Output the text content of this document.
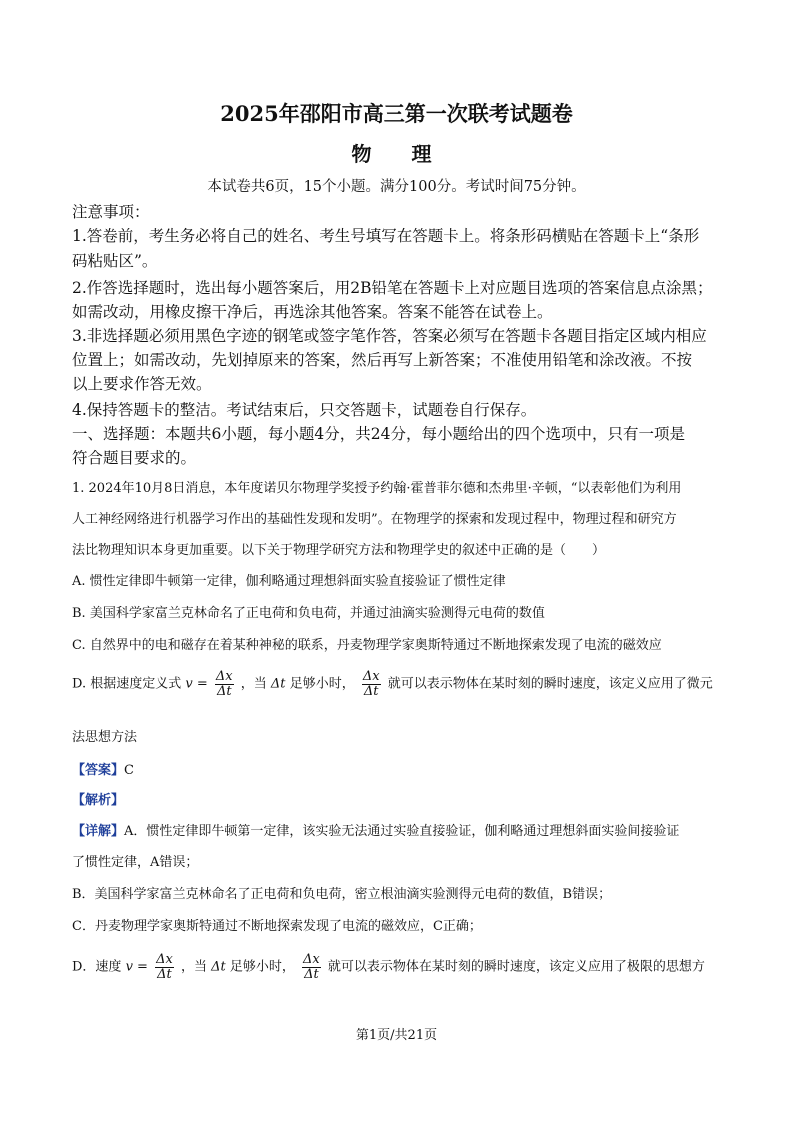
2025年邵阳市高三第一次联考试题卷
物　理
本试卷共6页，15个小题。满分100分。考试时间75分钟。
注意事项：
1.答卷前，考生务必将自己的姓名、考生号填写在答题卡上。将条形码横贴在答题卡上“条形
码粘贴区”。
2.作答选择题时，选出每小题答案后，用2B铅笔在答题卡上对应题目选项的答案信息点涂黑；
如需改动，用橡皮擦干净后，再选涂其他答案。答案不能答在试卷上。
3.非选择题必须用黑色字迹的钢笔或签字笔作答，答案必须写在答题卡各题目指定区域内相应
位置上；如需改动，先划掉原来的答案，然后再写上新答案；不准使用铅笔和涂改液。不按
以上要求作答无效。
4.保持答题卡的整洁。考试结束后，只交答题卡，试题卷自行保存。
一、选择题：本题共6小题，每小题4分，共24分，每小题给出的四个选项中，只有一项是
符合题目要求的。
1. 2024年10月8日消息，本年度诺贝尔物理学奖授予约翰·霍普菲尔德和杰弗里·辛顿，“以表彰他们为利用
人工神经网络进行机器学习作出的基础性发现和发明”。在物理学的探索和发现过程中，物理过程和研究方
法比物理知识本身更加重要。以下关于物理学研究方法和物理学史的叙述中正确的是（　　）
A. 惯性定律即牛顿第一定律，伽利略通过理想斜面实验直接验证了惯性定律
B. 美国科学家富兰克林命名了正电荷和负电荷，并通过油滴实验测得元电荷的数值
C. 自然界中的电和磁存在着某种神秘的联系，丹麦物理学家奥斯特通过不断地探索发现了电流的磁效应
D. 根据速度定义式 $v = \frac{\Delta x}{\Delta t}$ ，当 Δt 足够小时， $\frac{\Delta x}{\Delta t}$ 就可以表示物体在某时刻的瞬时速度，该定义应用了微元
法思想方法
【答案】C
【解析】
【详解】A．惯性定律即牛顿第一定律，该实验无法通过实验直接验证，伽利略通过理想斜面实验间接验证
了惯性定律，A错误；
B．美国科学家富兰克林命名了正电荷和负电荷，密立根油滴实验测得元电荷的数值，B错误；
C．丹麦物理学家奥斯特通过不断地探索发现了电流的磁效应，C正确；
D．速度 $v = \frac{\Delta x}{\Delta t}$ ，当 Δt 足够小时， $\frac{\Delta x}{\Delta t}$ 就可以表示物体在某时刻的瞬时速度，该定义应用了极限的思想方
第1页/共21页
